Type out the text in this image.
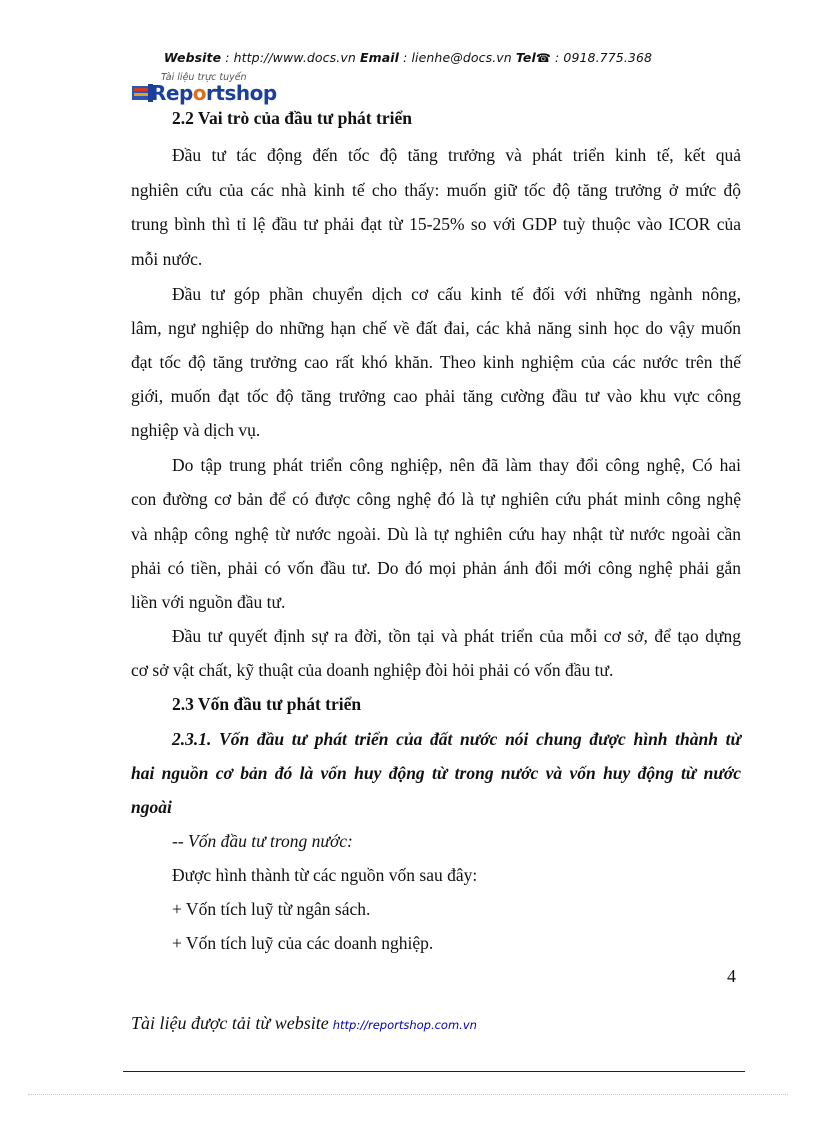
Website : http://www.docs.vn Email : lienhe@docs.vn Tel☎ : 0918.775.368
Tài liệu trực tuyến
Reportshop
2.2 Vai trò của đầu tư phát triển
Đầu tư tác động đến tốc độ tăng trưởng và phát triển kinh tế, kết quả
nghiên cứu của các nhà kinh tế cho thấy: muốn giữ tốc độ tăng trưởng ở mức độ
trung bình thì tỉ lệ đầu tư phải đạt từ 15-25% so với GDP tuỳ thuộc vào ICOR của
mỗi nước.
Đầu tư góp phần chuyển dịch cơ cấu kinh tế đối với những ngành nông,
lâm, ngư nghiệp do những hạn chế về đất đai, các khả năng sinh học do vậy muốn
đạt tốc độ tăng trưởng cao rất khó khăn. Theo kinh nghiệm của các nước trên thế
giới, muốn đạt tốc độ tăng trưởng cao phải tăng cường đầu tư vào khu vực công
nghiệp và dịch vụ.
Do tập trung phát triển công nghiệp, nên đã làm thay đổi công nghệ, Có hai
con đường cơ bản để có được công nghệ đó là tự nghiên cứu phát minh công nghệ
và nhập công nghệ từ nước ngoài. Dù là tự nghiên cứu hay nhật từ nước ngoài cần
phải có tiền, phải có vốn đầu tư. Do đó mọi phản ánh đổi mới công nghệ phải gắn
liền với nguồn đầu tư.
Đầu tư quyết định sự ra đời, tồn tại và phát triển của mỗi cơ sở, để tạo dựng
cơ sở vật chất, kỹ thuật của doanh nghiệp đòi hỏi phải có vốn đầu tư.
2.3 Vốn đầu tư phát triển
2.3.1. Vốn đầu tư phát triển của đất nước nói chung được hình thành từ
hai nguồn cơ bản đó là vốn huy động từ trong nước và vốn huy động từ nước
ngoài
-- Vốn đầu tư trong nước:
Được hình thành từ các nguồn vốn sau đây:
+ Vốn tích luỹ từ ngân sách.
+ Vốn tích luỹ của các doanh nghiệp.
4
Tài liệu được tải từ website http://reportshop.com.vn
